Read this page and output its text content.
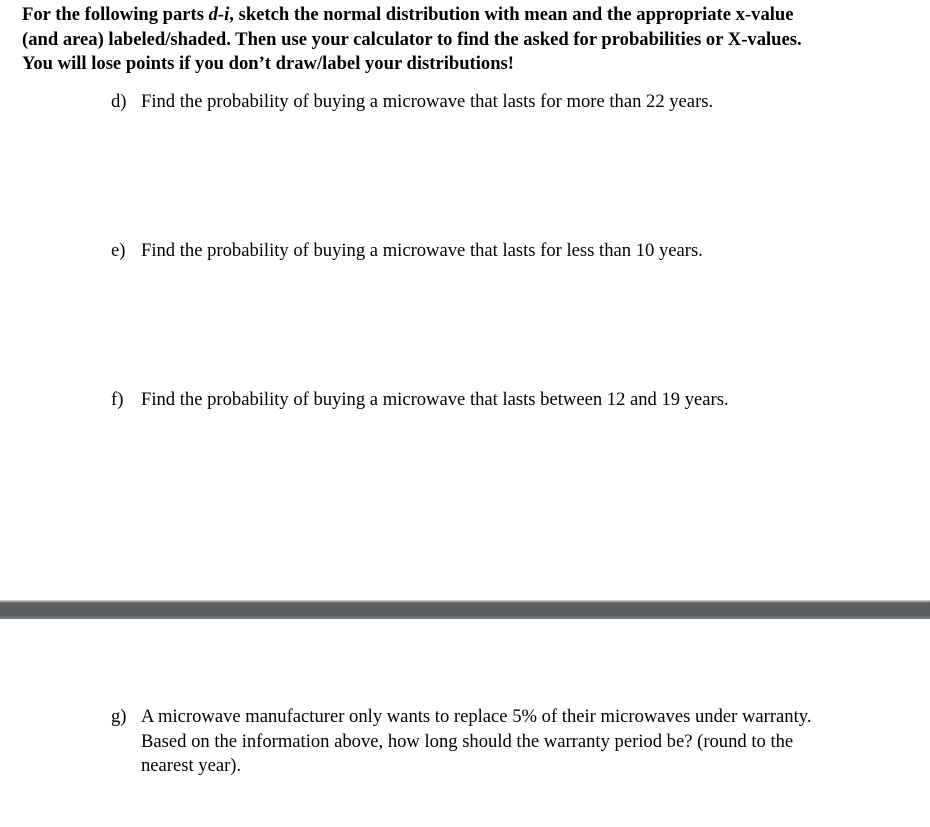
For the following parts d-i, sketch the normal distribution with mean and the appropriate x-value
(and area) labeled/shaded. Then use your calculator to find the asked for probabilities or X-values.
You will lose points if you don’t draw/label your distributions!

d) Find the probability of buying a microwave that lasts for more than 22 years.
e) Find the probability of buying a microwave that lasts for less than 10 years.
f) Find the probability of buying a microwave that lasts between 12 and 19 years.
g) A microwave manufacturer only wants to replace 5% of their microwaves under warranty.
Based on the information above, how long should the warranty period be? (round to the
nearest year).
